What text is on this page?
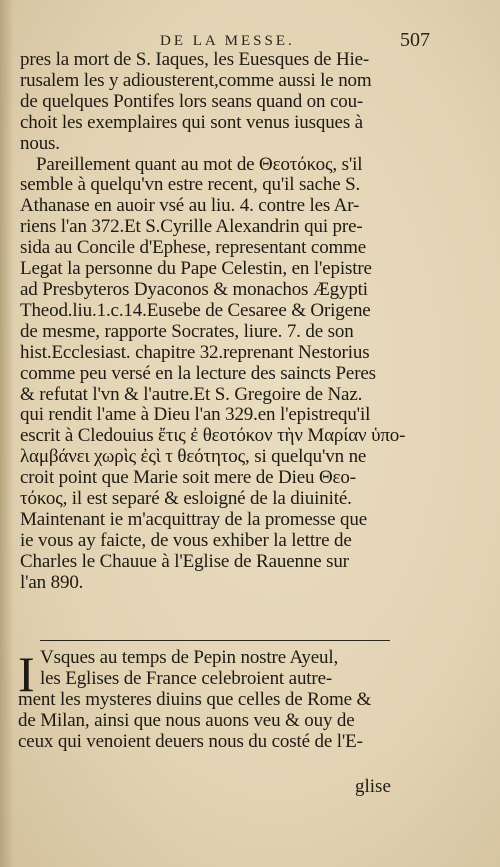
DE LA MESSE.	507
pres la mort de S. Iaques, les Euesques de Hie-
rusalem les y adiousterent,comme aussi le nom
de quelques Pontifes lors seans quand on cou-
choit les exemplaires qui sont venus iusques à
nous.
Pareillement quant au mot de Θεοτόκος, s'il
semble à quelqu'vn estre recent, qu'il sache S.
Athanase en auoir vsé au liu. 4. contre les Ar-
riens l'an 372.Et S.Cyrille Alexandrin qui pre-
sida au Concile d'Ephese, representant comme
Legat la personne du Pape Celestin, en l'epistre
ad Presbyteros Dyaconos & monachos Ægypti
Theod.liu.1.c.14.Eusebe de Cesaree & Origene
de mesme, rapporte Socrates, liure. 7. de son
hist.Ecclesiast. chapitre 32.reprenant Nestorius
comme peu versé en la lecture des saincts Peres
& refutat l'vn & l'autre.Et S. Gregoire de Naz.
qui rendit l'ame à Dieu l'an 329.en l'epistrequ'il
escrit à Cledouius ἔτις ἐ θεοτόκον τὴν Μαρίαν ὑπο-
λαμβάνει χωρὶς ἐςὶ τ θεότητος, si quelqu'vn ne
croit point que Marie soit mere de Dieu Θεο-
τόκος, il est separé & esloigné de la diuinité.
Maintenant ie m'acquittray de la promesse que
ie vous ay faicte, de vous exhiber la lettre de
Charles le Chauue à l'Eglise de Rauenne sur
l'an 890.
I Vsques au temps de Pepin nostre Ayeul,
les Eglises de France celebroient autre-
ment les mysteres diuins que celles de Rome &
de Milan, ainsi que nous auons veu & ouy de
ceux qui venoient deuers nous du costé de l'E-
glise
